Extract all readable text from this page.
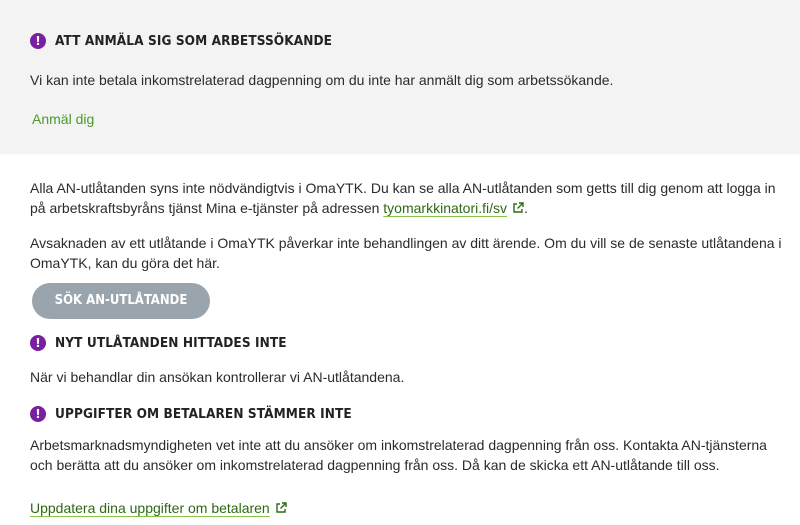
!	ATT ANMÄLA SIG SOM ARBETSSÖKANDE
Vi kan inte betala inkomstrelaterad dagpenning om du inte har anmält dig som arbetssökande.
Anmäl dig
Alla AN-utlåtanden syns inte nödvändigtvis i OmaYTK. Du kan se alla AN-utlåtanden som getts till dig genom att logga in på arbetskraftsbyråns tjänst Mina e-tjänster på adressen tyomarkkinatori.fi/sv .
Avsaknaden av ett utlåtande i OmaYTK påverkar inte behandlingen av ditt ärende. Om du vill se de senaste utlåtandena i OmaYTK, kan du göra det här.
SÖK AN-UTLÅTANDE
!	NYT UTLÅTANDEN HITTADES INTE
När vi behandlar din ansökan kontrollerar vi AN-utlåtandena.
!	UPPGIFTER OM BETALAREN STÄMMER INTE
Arbetsmarknadsmyndigheten vet inte att du ansöker om inkomstrelaterad dagpenning från oss. Kontakta AN-tjänsterna och berätta att du ansöker om inkomstrelaterad dagpenning från oss. Då kan de skicka ett AN-utlåtande till oss.
Uppdatera dina uppgifter om betalaren
